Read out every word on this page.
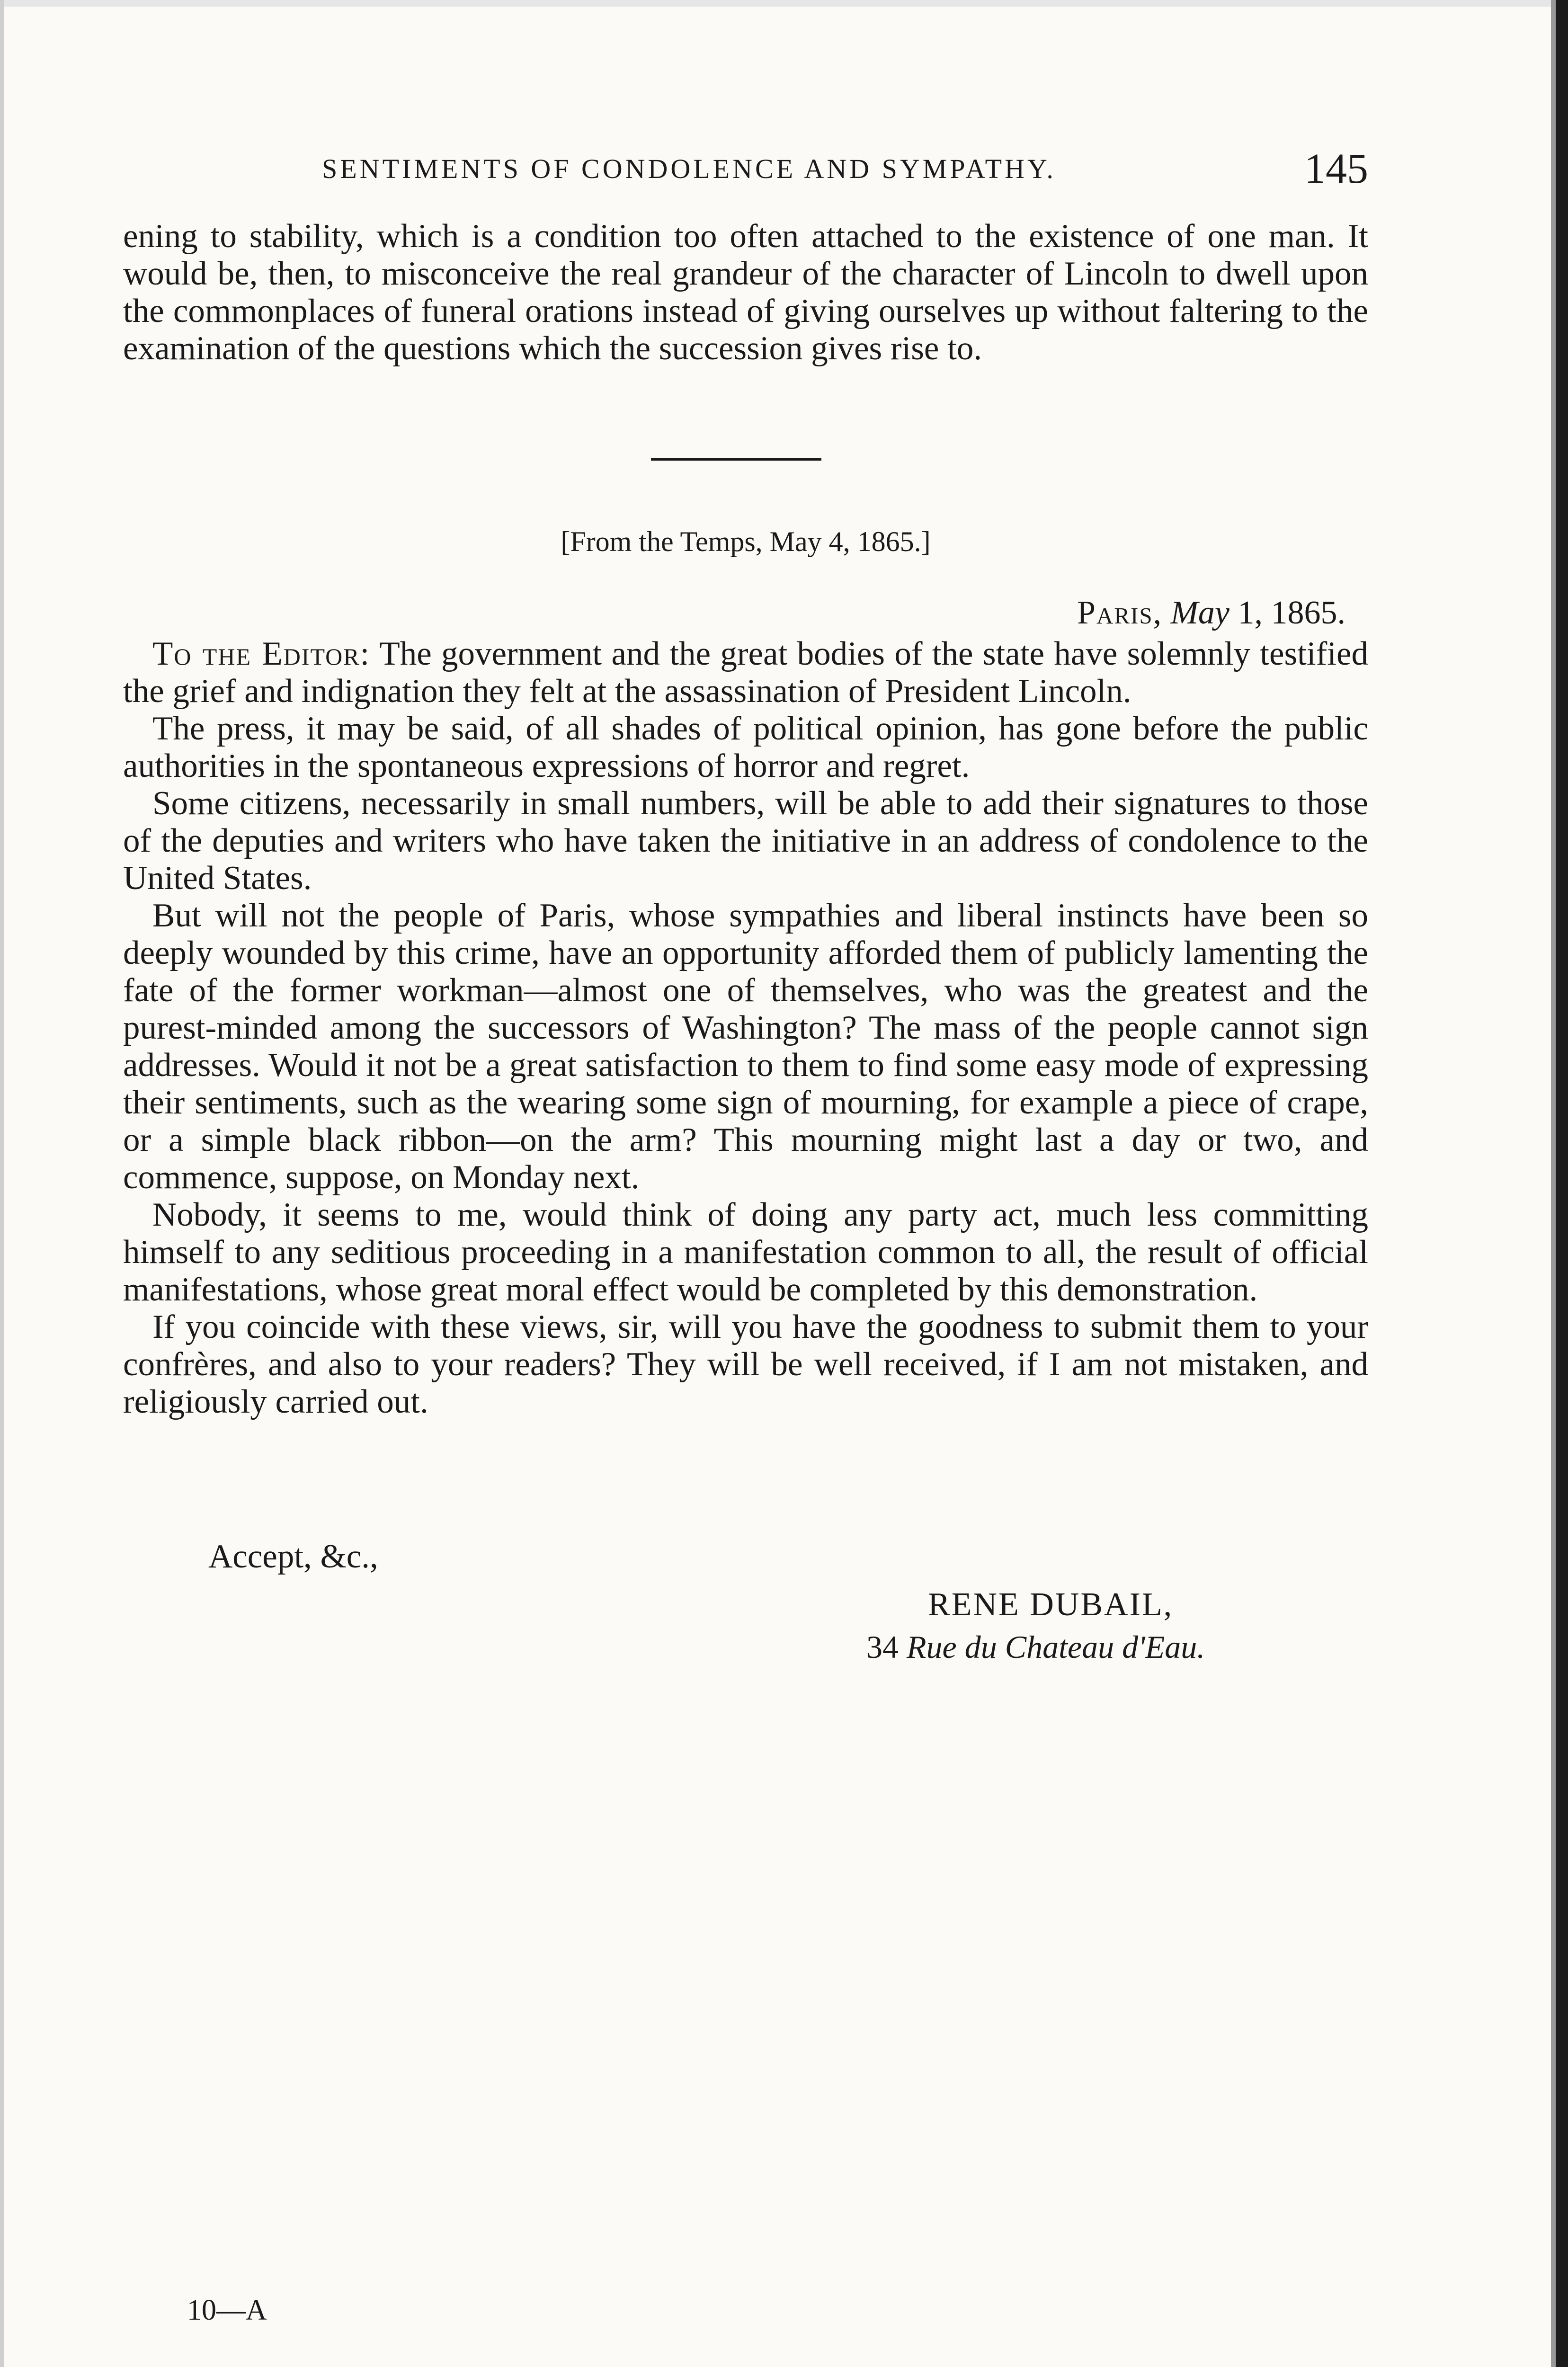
SENTIMENTS OF CONDOLENCE AND SYMPATHY.	145

ening to stability, which is a condition too often attached to the existence of one man. It would be, then, to misconceive the real grandeur of the character of Lincoln to dwell upon the commonplaces of funeral orations instead of giving ourselves up without faltering to the examination of the questions which the succession gives rise to.

[From the Temps, May 4, 1865.]
Paris, May 1, 1865.

To the Editor: The government and the great bodies of the state have solemnly testified the grief and indignation they felt at the assassination of President Lincoln.

The press, it may be said, of all shades of political opinion, has gone before the public authorities in the spontaneous expressions of horror and regret.

Some citizens, necessarily in small numbers, will be able to add their signatures to those of the deputies and writers who have taken the initiative in an address of condolence to the United States.

But will not the people of Paris, whose sympathies and liberal instincts have been so deeply wounded by this crime, have an opportunity afforded them of publicly lamenting the fate of the former workman—almost one of themselves, who was the greatest and the purest-minded among the successors of Washington? The mass of the people cannot sign addresses. Would it not be a great satisfaction to them to find some easy mode of expressing their sentiments, such as the wearing some sign of mourning, for example a piece of crape, or a simple black ribbon—on the arm? This mourning might last a day or two, and commence, suppose, on Monday next.

Nobody, it seems to me, would think of doing any party act, much less committing himself to any seditious proceeding in a manifestation common to all, the result of official manifestations, whose great moral effect would be completed by this demonstration.

If you coincide with these views, sir, will you have the goodness to submit them to your confrères, and also to your readers? They will be well received, if I am not mistaken, and religiously carried out.

Accept, &c.,
RENE DUBAIL,
34 Rue du Chateau d'Eau.
10—A
